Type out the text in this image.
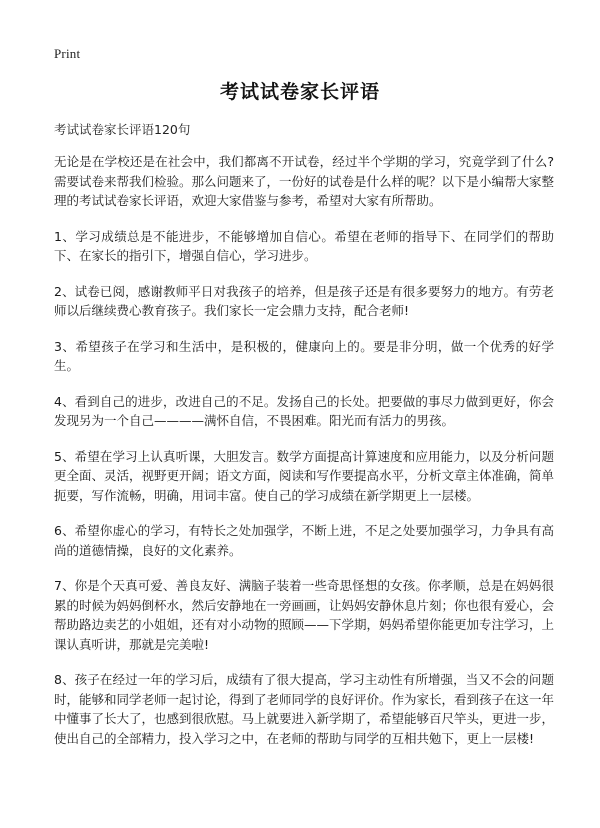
Print
考试试卷家长评语
考试试卷家长评语120句

无论是在学校还是在社会中，我们都离不开试卷，经过半个学期的学习，究竟学到了什么?需要试卷来帮我们检验。那么问题来了，一份好的试卷是什么样的呢？以下是小编帮大家整理的考试试卷家长评语，欢迎大家借鉴与参考，希望对大家有所帮助。

1、学习成绩总是不能进步，不能够增加自信心。希望在老师的指导下、在同学们的帮助下、在家长的指引下，增强自信心，学习进步。

2、试卷已阅，感谢教师平日对我孩子的培养，但是孩子还是有很多要努力的地方。有劳老师以后继续费心教育孩子。我们家长一定会鼎力支持，配合老师!

3、希望孩子在学习和生活中，是积极的，健康向上的。要是非分明，做一个优秀的好学生。

4、看到自己的进步，改进自己的不足。发扬自己的长处。把要做的事尽力做到更好，你会发现另为一个自己————满怀自信，不畏困难。阳光而有活力的男孩。

5、希望在学习上认真听课，大胆发言。数学方面提高计算速度和应用能力，以及分析问题更全面、灵活，视野更开阔；语文方面，阅读和写作要提高水平，分析文章主体准确，简单扼要，写作流畅，明确，用词丰富。使自己的学习成绩在新学期更上一层楼。

6、希望你虚心的学习，有特长之处加强学，不断上进，不足之处要加强学习，力争具有高尚的道德情操，良好的文化素养。

7、你是个天真可爱、善良友好、满脑子装着一些奇思怪想的女孩。你孝顺，总是在妈妈很累的时候为妈妈倒杯水，然后安静地在一旁画画，让妈妈安静休息片刻；你也很有爱心，会帮助路边卖艺的小姐姐，还有对小动物的照顾——下学期，妈妈希望你能更加专注学习，上课认真听讲，那就是完美啦!

8、孩子在经过一年的学习后，成绩有了很大提高，学习主动性有所增强，当又不会的问题时，能够和同学老师一起讨论，得到了老师同学的良好评价。作为家长，看到孩子在这一年中懂事了长大了，也感到很欣慰。马上就要进入新学期了，希望能够百尺竿头，更进一步，使出自己的全部精力，投入学习之中，在老师的帮助与同学的互相共勉下，更上一层楼!
